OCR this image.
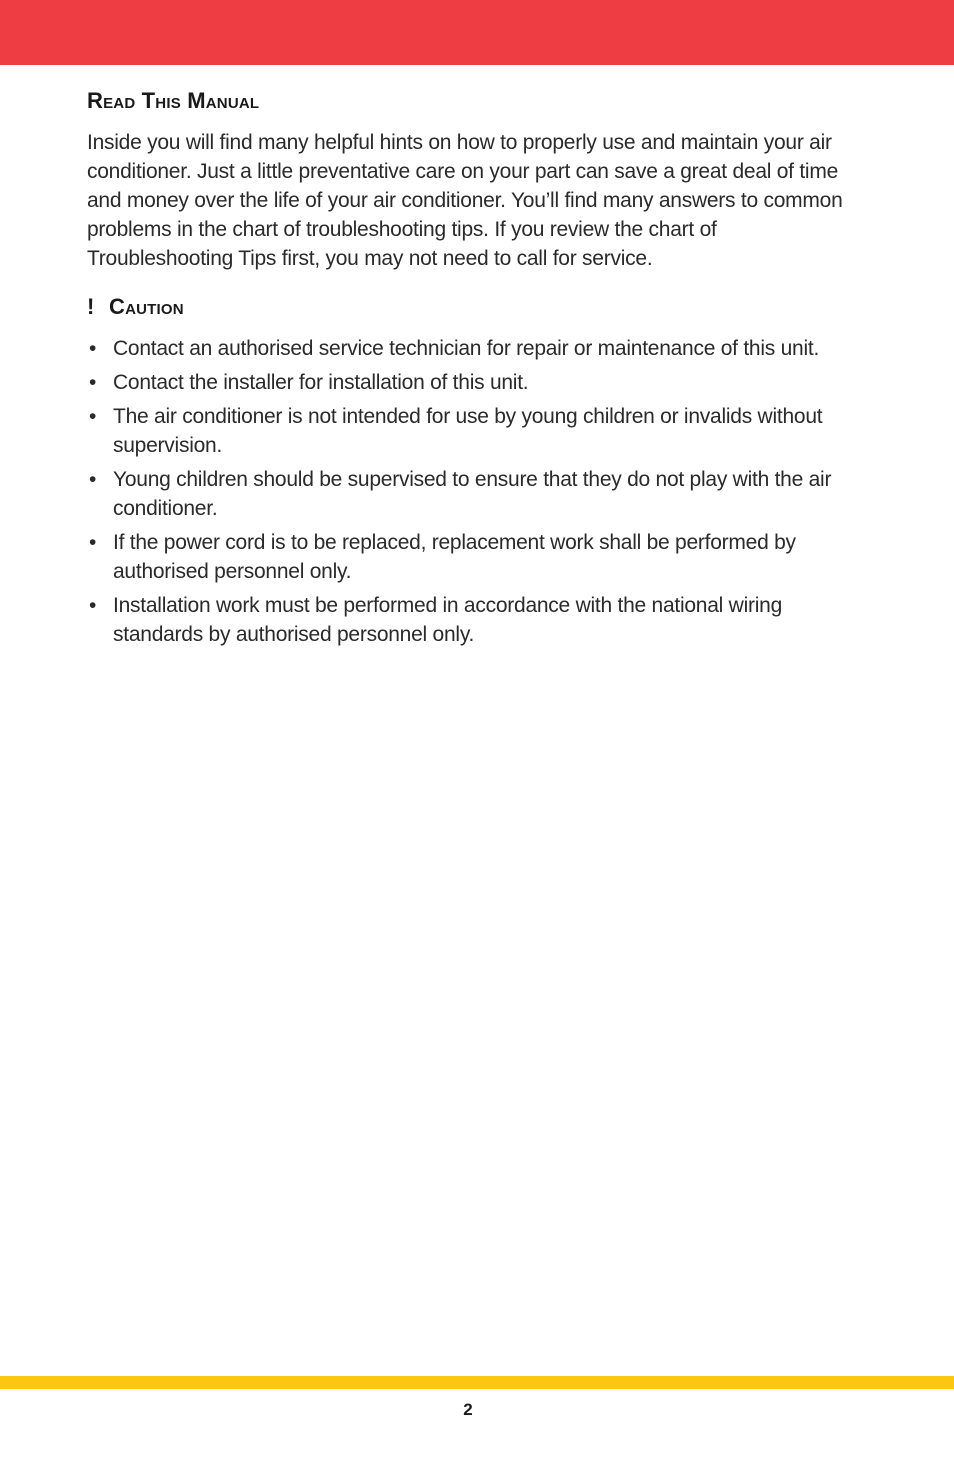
Read This Manual

Inside you will find many helpful hints on how to properly use and maintain your air conditioner. Just a little preventative care on your part can save a great deal of time and money over the life of your air conditioner. You’ll find many answers to common problems in the chart of troubleshooting tips. If you review the chart of Troubleshooting Tips first, you may not need to call for service.

! Caution
• Contact an authorised service technician for repair or maintenance of this unit.
• Contact the installer for installation of this unit.
• The air conditioner is not intended for use by young children or invalids without supervision.
• Young children should be supervised to ensure that they do not play with the air conditioner.
• If the power cord is to be replaced, replacement work shall be performed by authorised personnel only.
• Installation work must be performed in accordance with the national wiring standards by authorised personnel only.
2
